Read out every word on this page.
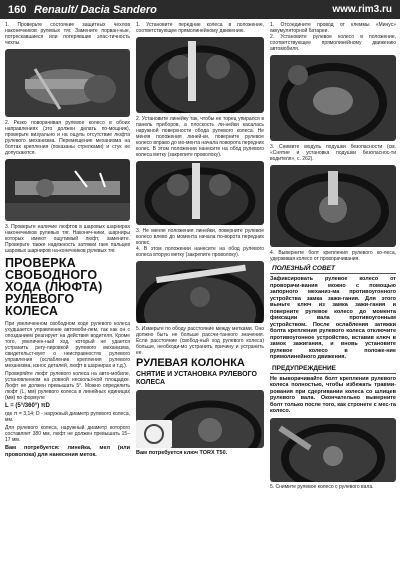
160 Renault/ Dacia Sandero	www.rim3.ru
1. Проверьте состояние защитных чехлов наконечников рулевых тяг. Замените порван-ные, потрескавшиеся или потерявшие элас-тичность чехлы.
2. Резко поворачивая рулевое колесо в обоих направлениях (это должен делать по-мощник), проверьте визуально и на ощупь отсутствие люфта рулевого механизма. Перемещение механизма на болтах крепления (показаны стрелками) и стук не допускаются.
3. Проверьте наличие люфтов в шаровых шарнирах наконечников рулевых тяг. Наконеч-ники, шарниры которых имеют ощутимый люфт, замените. Проверьте также надежность затяжки гаек пальцев шаровых шарниров на-конечников рулевых тяг.
ПРОВЕРКА СВОБОДНОГО ХОДА (ЛЮФТА) РУЛЕВОГО КОЛЕСА
При увеличенном свободном ходе рулевого колеса ухудшается управление автомоби-лем, так как он с опозданием реагирует на действия водителя. Кроме того, увеличен-ный ход, который не удается устранить регу-лировкой рулевого механизма, свидетельст-вует о неисправностях рулевого управления (ослабление крепления рулевого механизма, износ деталей, люфт в шарнирах и т.д.).
Проверяйте люфт рулевого колеса на авто-мобиле, установленном на ровной нескольз-кой площадке. Люфт не должен превышать 5°. Можно определить люфт (L, мм) рулевого колеса в линейных единицах (мм) по формуле
L = (5°/360°) πD
где π = 3,14; D - наружный диаметр рулевого колеса, мм.
Для рулевого колеса, наружный диаметр которого составляет 380 мм, люфт не должен превышать 15–17 мм.
Вам потребуется: линейка, мел (или проволока) для нанесения меток.
1. Установите передние колеса в положение, соответствующее прямолинейному движению.
2. Установите линейку так, чтобы ее торец упирался в панель приборов, а плоскость ли-нейки касалась наружной поверхности обода рулевого колеса. Не меняя положения линей-ки, поверните рулевое колесо вправо до мо-мента начала поворота передних колес. В этом положении нанесите на обод рулевого колеса метку (закрепите проволоку).
3. Не меняя положения линейки, поверните рулевое колесо влево до момента начала по-ворота передних колес.
4. В этом положении нанесите на обод рулевого колеса вторую метку (закрепите проволоку).
5. Измерьте по ободу расстояние между метками. Оно должно быть не больше рассчи-танного значения. Если расстояние (свобод-ный ход рулевого колеса) больше, необходи-мо устранить причину и устранить ее.
РУЛЕВАЯ КОЛОНКА
СНЯТИЕ И УСТАНОВКА РУЛЕВОГО КОЛЕСА
Вам потребуется ключ TORX Т50.
1. Отсоедините провод от клеммы «Минус» аккумуляторной батареи.
2. Установите рулевое колесо в положение, соответствующее прямолинейному движению автомобиля.
3. Снимите модуль подушки безопасности (см. «Снятие и установка подушки безопаснос-ти водителя», с. 262).
4. Выверните болт крепления рулевого ко-леса, удерживая колесо от проворачивания.
ПОЛЕЗНЫЙ СОВЕТ
Зафиксировать рулевое колесо от проворачи-вания можно с помощью запорного механиз-ма противоугонного устройства замка зажи-гания. Для этого выньте ключ из замка зажи-гания и поверните рулевое колесо до момента фиксации вала противоугонным устройством. После ослабления затяжки болта крепления рулевого колеса отключите противоугонное устройство, вставив ключ в замок зажигания, и вновь установите рулевое колесо в положе-ние прямолинейного движения.
ПРЕДУПРЕЖДЕНИЕ
Не выворачивайте болт крепления рулевого колеса полностью, чтобы избежать травми-рования при сдергивании колеса со шлицев рулевого вала. Окончательно выверните болт только после того, как стронете с мес-та колесо.
5. Снимите рулевое колесо с рулевого вала.
